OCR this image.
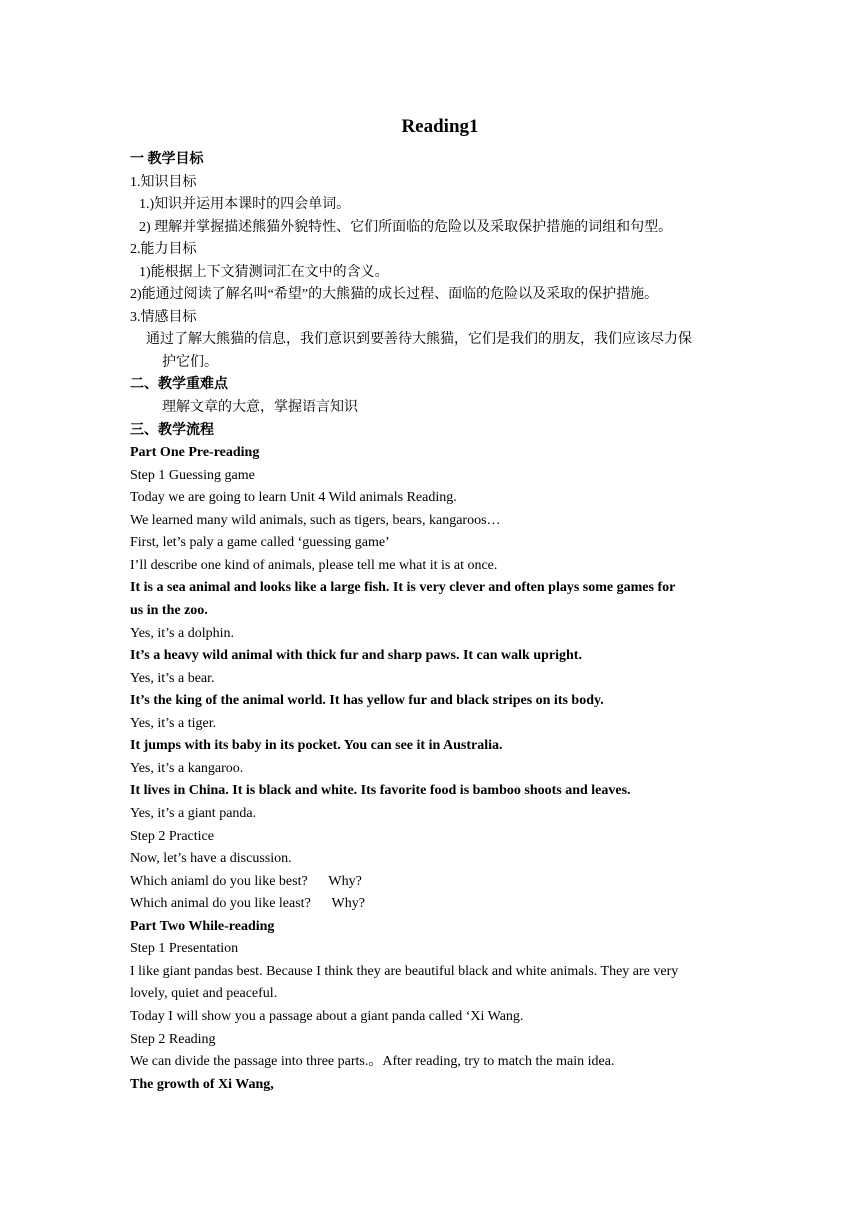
Reading1
一 教学目标
1.知识目标
1.)知识并运用本课时的四会单词。
2) 理解并掌握描述熊猫外貌特性、它们所面临的危险以及采取保护措施的词组和句型。
2.能力目标
1)能根据上下文猜测词汇在文中的含义。
2)能通过阅读了解名叫“希望”的大熊猫的成长过程、面临的危险以及采取的保护措施。
3.情感目标
通过了解大熊猫的信息，我们意识到要善待大熊猫，它们是我们的朋友，我们应该尽力保
护它们。
二、教学重难点
理解文章的大意，掌握语言知识
三、教学流程
Part One Pre-reading
Step 1 Guessing game
Today we are going to learn Unit 4 Wild animals Reading.
We learned many wild animals, such as tigers, bears, kangaroos…
First, let’s paly a game called ‘guessing game’
I’ll describe one kind of animals, please tell me what it is at once.
It is a sea animal and looks like a large fish. It is very clever and often plays some games for
us in the zoo.
Yes, it’s a dolphin.
It’s a heavy wild animal with thick fur and sharp paws. It can walk upright.
Yes, it’s a bear.
It’s the king of the animal world. It has yellow fur and black stripes on its body.
Yes, it’s a tiger.
It jumps with its baby in its pocket. You can see it in Australia.
Yes, it’s a kangaroo.
It lives in China. It is black and white. Its favorite food is bamboo shoots and leaves.
Yes, it’s a giant panda.
Step 2 Practice
Now, let’s have a discussion.
Which aniaml do you like best?      Why?
Which animal do you like least?      Why?
Part Two While-reading
Step 1 Presentation
I like giant pandas best. Because I think they are beautiful black and white animals. They are very
lovely, quiet and peaceful.
Today I will show you a passage about a giant panda called ‘Xi Wang.
Step 2 Reading
We can divide the passage into three parts.。After reading, try to match the main idea.
The growth of Xi Wang,
